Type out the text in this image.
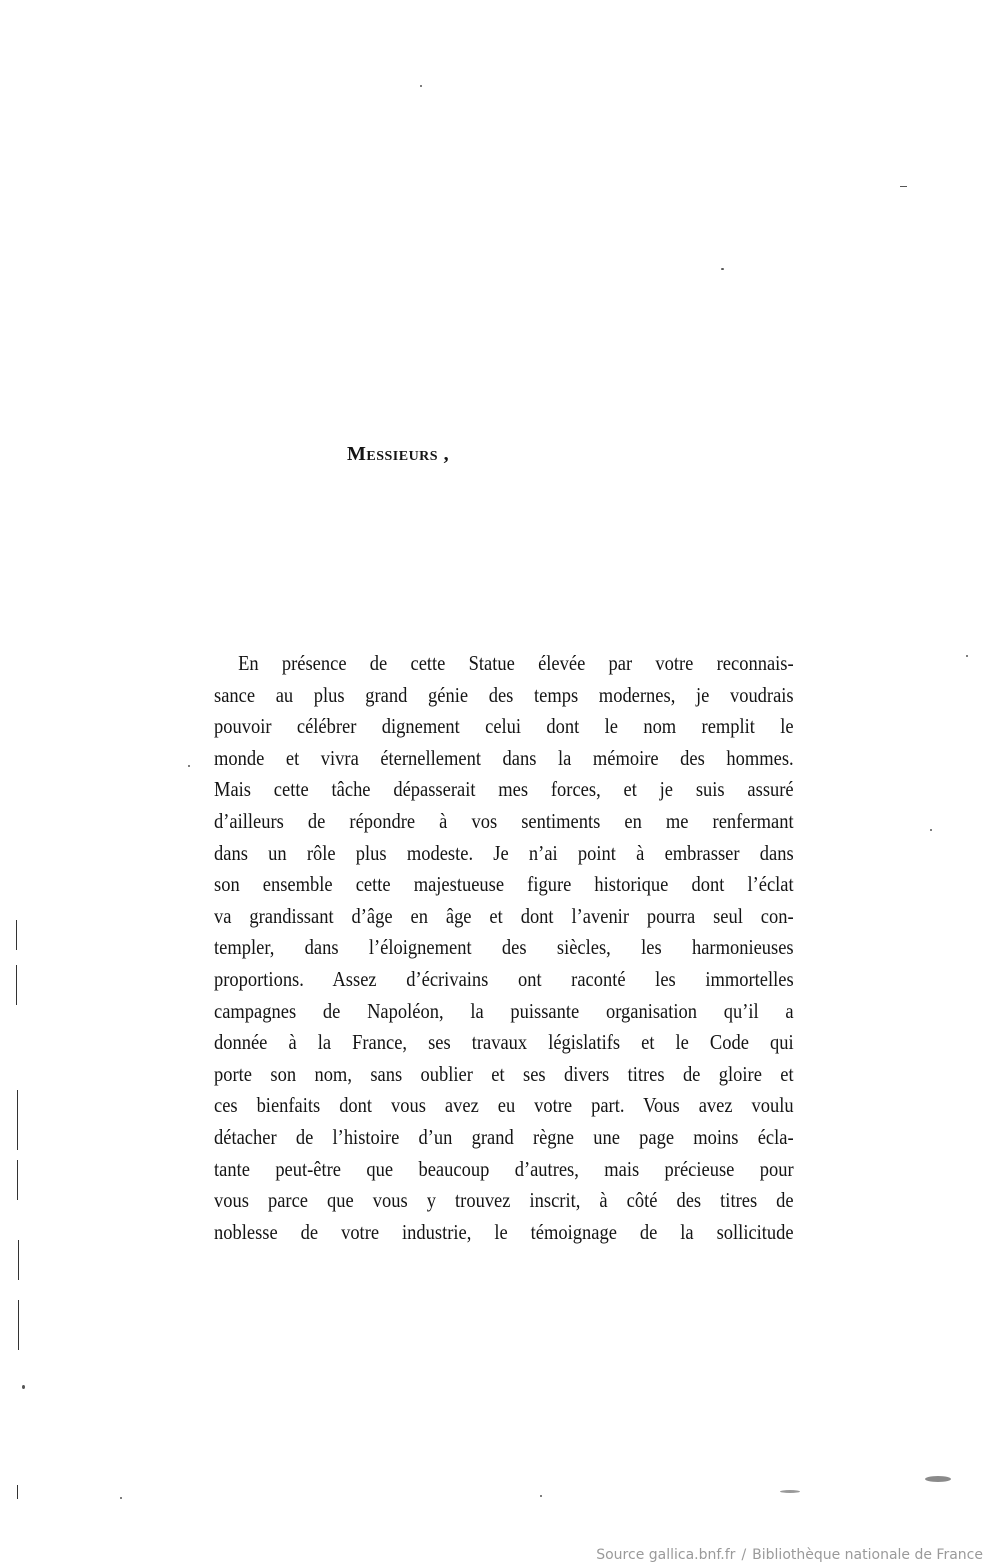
Messieurs ,
En présence de cette Statue élevée par votre reconnais-
sance au plus grand génie des temps modernes, je voudrais
pouvoir célébrer dignement celui dont le nom remplit le
monde et vivra éternellement dans la mémoire des hommes.
Mais cette tâche dépasserait mes forces, et je suis assuré
d’ailleurs de répondre à vos sentiments en me renfermant
dans un rôle plus modeste. Je n’ai point à embrasser dans
son ensemble cette majestueuse figure historique dont l’éclat
va grandissant d’âge en âge et dont l’avenir pourra seul con-
templer, dans l’éloignement des siècles, les harmonieuses
proportions. Assez d’écrivains ont raconté les immortelles
campagnes de Napoléon, la puissante organisation qu’il a
donnée à la France, ses travaux législatifs et le Code qui
porte son nom, sans oublier et ses divers titres de gloire et
ces bienfaits dont vous avez eu votre part. Vous avez voulu
détacher de l’histoire d’un grand règne une page moins écla-
tante peut-être que beaucoup d’autres, mais précieuse pour
vous parce que vous y trouvez inscrit, à côté des titres de
noblesse de votre industrie, le témoignage de la sollicitude
Source gallica.bnf.fr / Bibliothèque nationale de France
